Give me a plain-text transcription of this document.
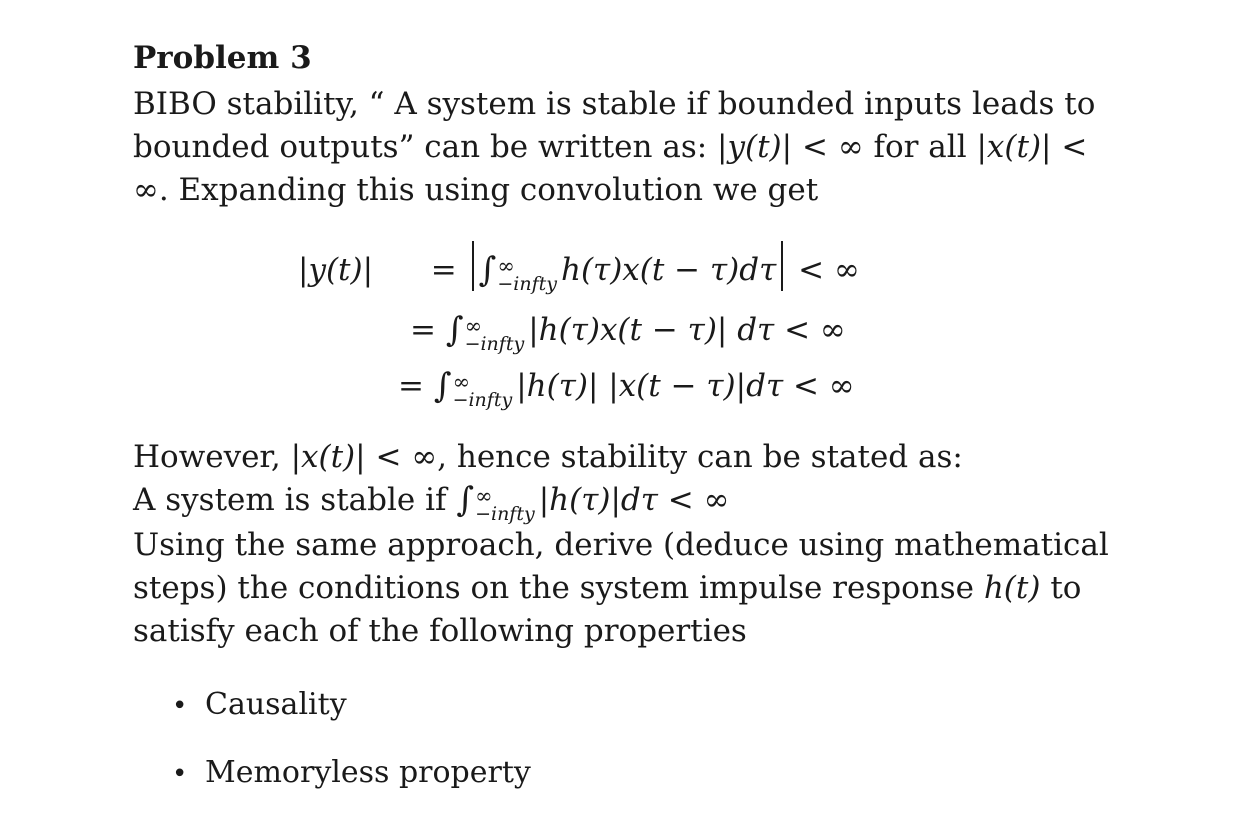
Problem 3
BIBO stability, “ A system is stable if bounded inputs leads to
bounded outputs” can be written as: |y(t)| < ∞ for all |x(t)| <
∞. Expanding this using convolution we get
|y(t)| = ∫ ∞
−infty h(τ)x(t − τ)dτ < ∞
= ∫ ∞
−infty |h(τ)x(t − τ)| dτ < ∞
= ∫ ∞
−infty |h(τ)| |x(t − τ)|dτ < ∞
However, |x(t)| < ∞, hence stability can be stated as:
A system is stable if ∫ ∞
−infty |h(τ)|dτ < ∞
Using the same approach, derive (deduce using mathematical
steps) the conditions on the system impulse response h(t) to
satisfy each of the following properties
• Causality
• Memoryless property
